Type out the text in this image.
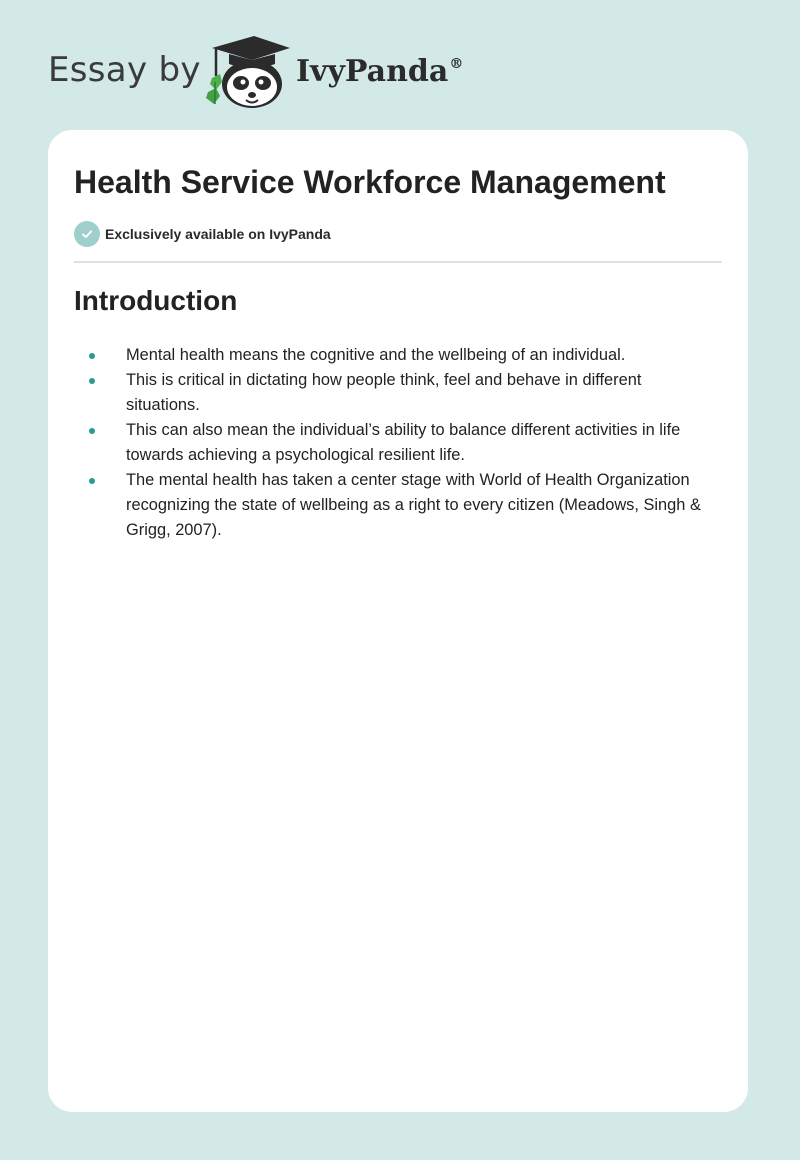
Essay by	IvyPanda®
Health Service Workforce Management
Exclusively available on IvyPanda
Introduction
Mental health means the cognitive and the wellbeing of an individual.
This is critical in dictating how people think, feel and behave in different situations.
This can also mean the individual’s ability to balance different activities in life towards achieving a psychological resilient life.
The mental health has taken a center stage with World of Health Organization recognizing the state of wellbeing as a right to every citizen (Meadows, Singh & Grigg, 2007).
